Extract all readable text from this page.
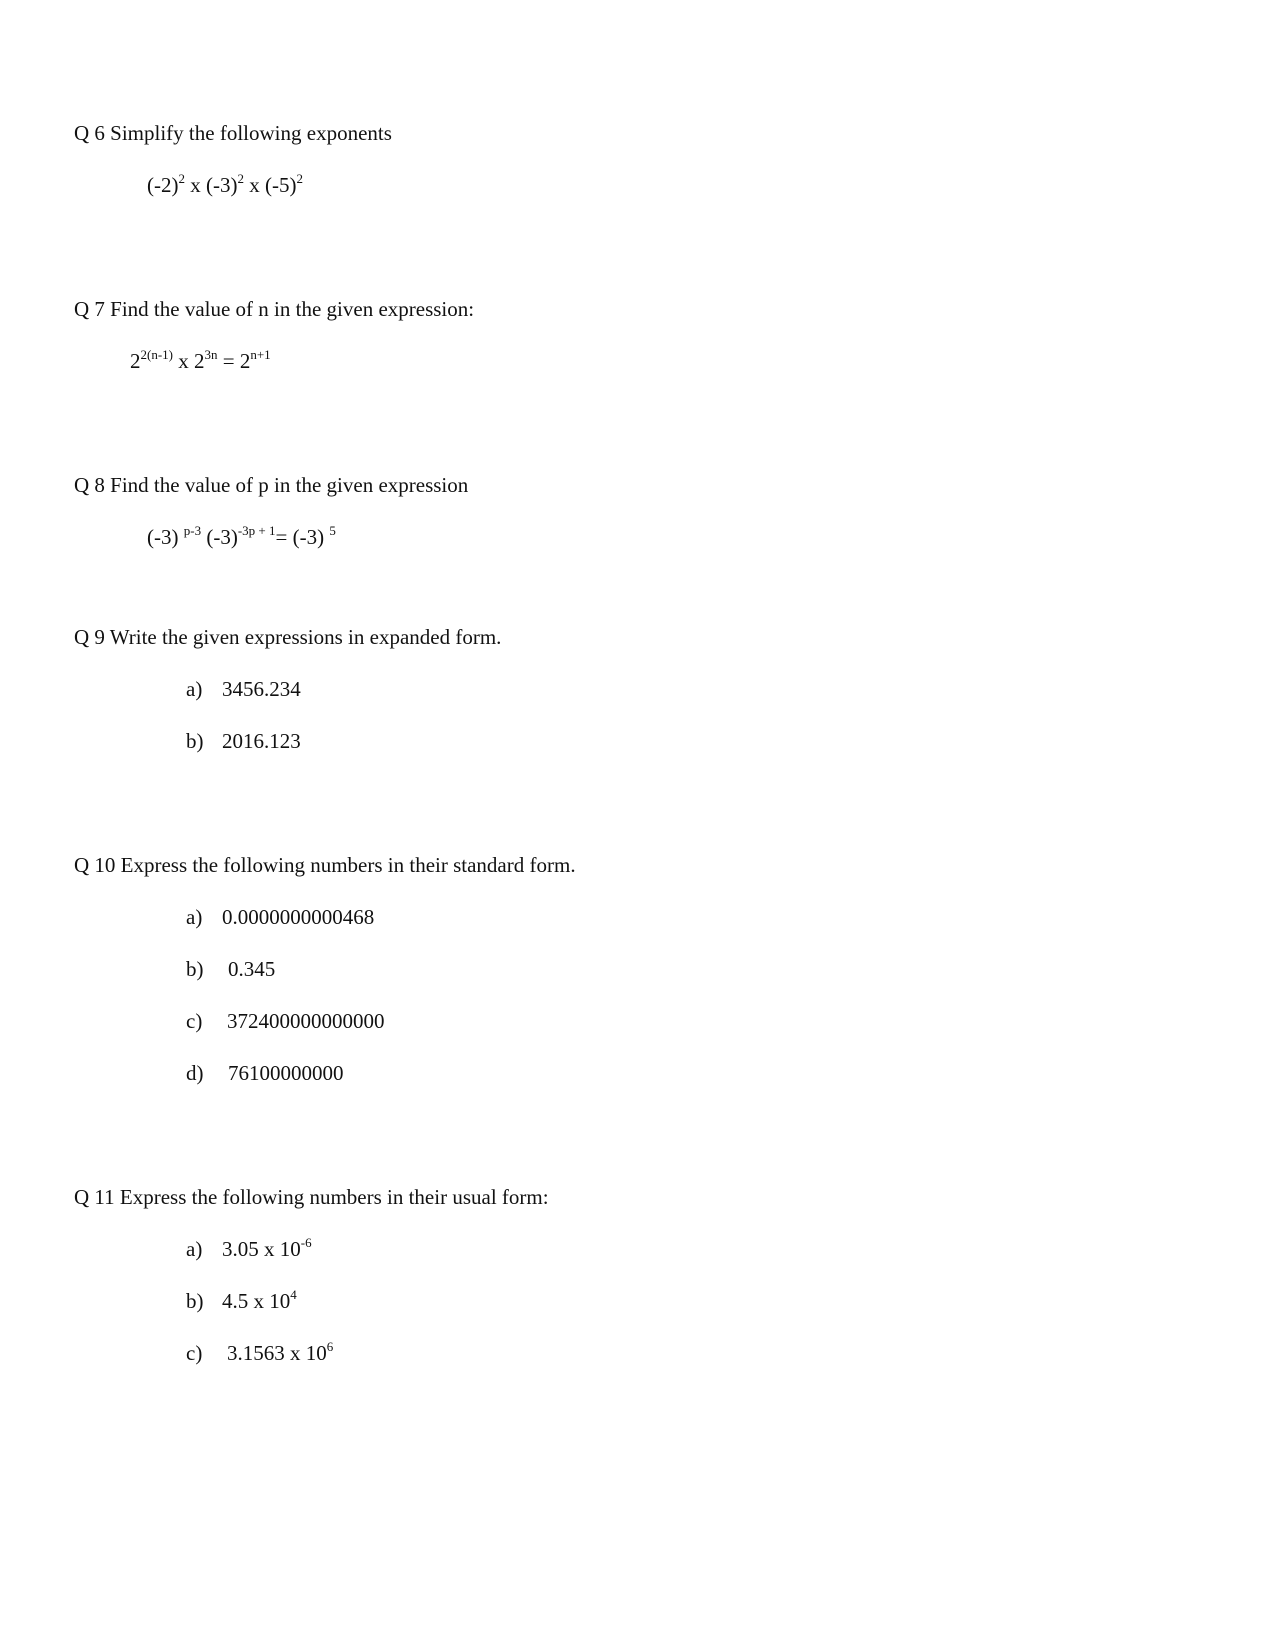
Q 6 Simplify the following exponents
$(-2)^2$ x $(-3)^2$ x $(-5)^2$
Q 7 Find the value of n in the given expression:
$2^{2(n-1)}$ x $2^{3n} = 2^{n+1}$
Q 8 Find the value of p in the given expression
(-3) $^{p-3}$ $(-3)^{-3p + 1}= (-3)$ $^5$
Q 9 Write the given expressions in expanded form.
a) 3456.234
b) 2016.123
Q 10 Express the following numbers in their standard form.
a) 0.0000000000468
b) 0.345
c) 372400000000000
d) 76100000000
Q 11 Express the following numbers in their usual form:
a) 3.05 x $10^{-6}$
b) 4.5 x $10^4$
c) 3.1563 x $10^6$
